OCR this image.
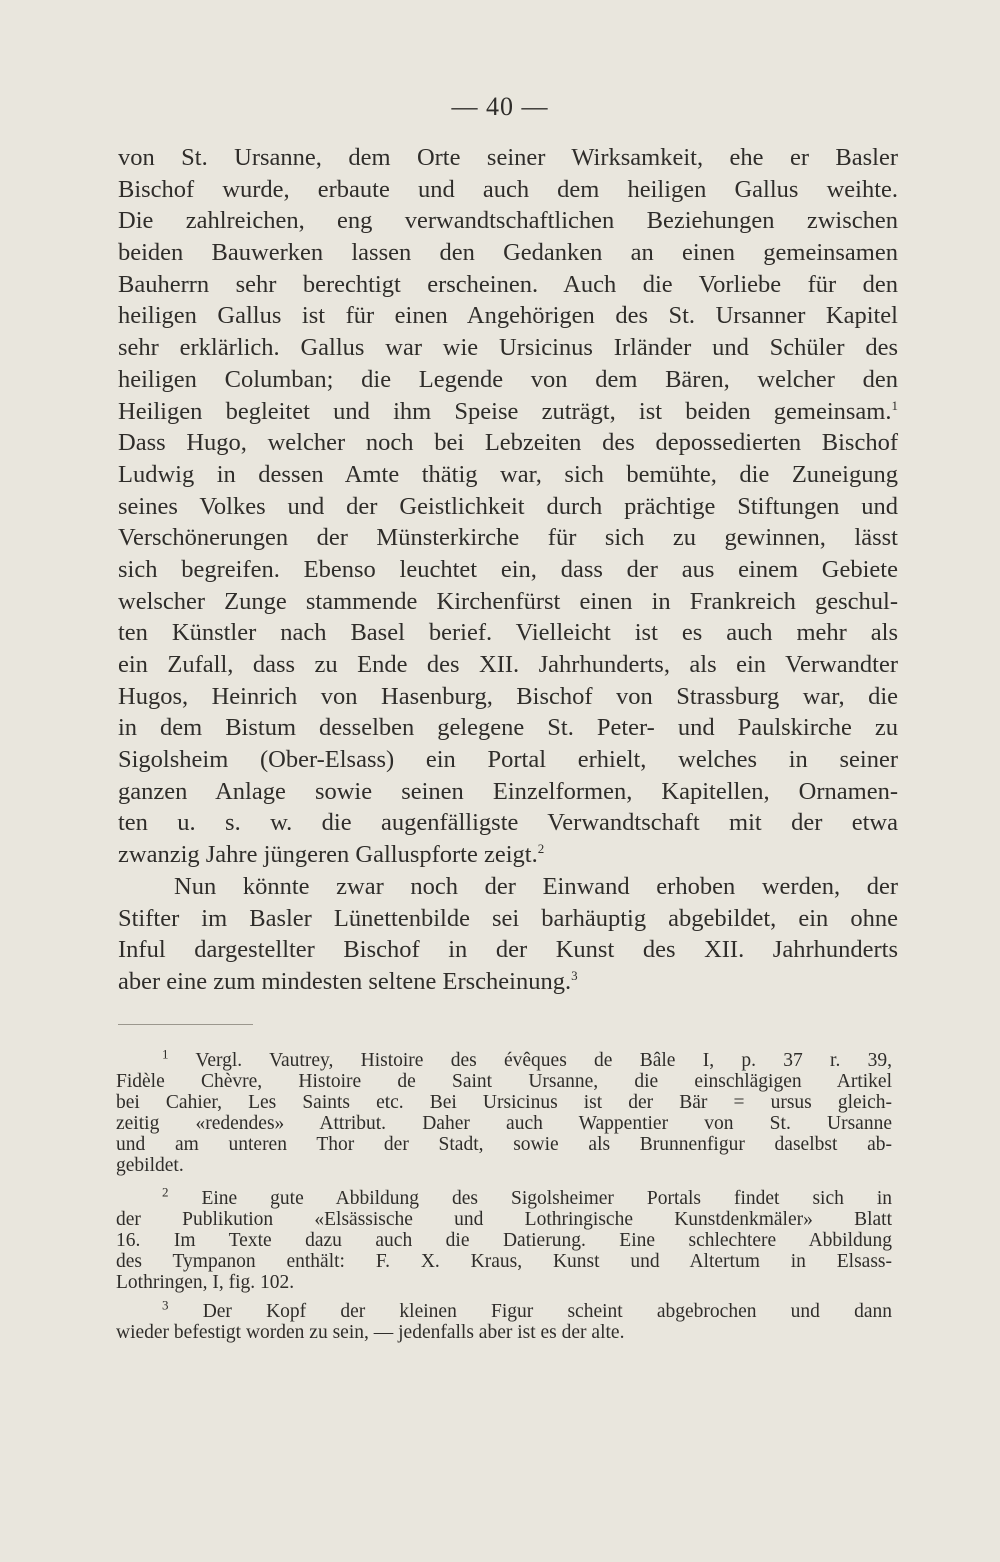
— 40 —
von St. Ursanne, dem Orte seiner Wirksamkeit, ehe er Basler
Bischof wurde, erbaute und auch dem heiligen Gallus weihte.
Die zahlreichen, eng verwandtschaftlichen Beziehungen zwischen
beiden Bauwerken lassen den Gedanken an einen gemeinsamen
Bauherrn sehr berechtigt erscheinen. Auch die Vorliebe für den
heiligen Gallus ist für einen Angehörigen des St. Ursanner Kapitel
sehr erklärlich. Gallus war wie Ursicinus Irländer und Schüler des
heiligen Columban; die Legende von dem Bären, welcher den
Heiligen begleitet und ihm Speise zuträgt, ist beiden gemeinsam.$^1$
Dass Hugo, welcher noch bei Lebzeiten des depossedierten Bischof
Ludwig in dessen Amte thätig war, sich bemühte, die Zuneigung
seines Volkes und der Geistlichkeit durch prächtige Stiftungen und
Verschönerungen der Münsterkirche für sich zu gewinnen, lässt
sich begreifen. Ebenso leuchtet ein, dass der aus einem Gebiete
welscher Zunge stammende Kirchenfürst einen in Frankreich geschul-
ten Künstler nach Basel berief. Vielleicht ist es auch mehr als
ein Zufall, dass zu Ende des XII. Jahrhunderts, als ein Verwandter
Hugos, Heinrich von Hasenburg, Bischof von Strassburg war, die
in dem Bistum desselben gelegene St. Peter- und Paulskirche zu
Sigolsheim (Ober-Elsass) ein Portal erhielt, welches in seiner
ganzen Anlage sowie seinen Einzelformen, Kapitellen, Ornamen-
ten u. s. w. die augenfälligste Verwandtschaft mit der etwa
zwanzig Jahre jüngeren Galluspforte zeigt.$^2$
Nun könnte zwar noch der Einwand erhoben werden, der
Stifter im Basler Lünettenbilde sei barhäuptig abgebildet, ein ohne
Inful dargestellter Bischof in der Kunst des XII. Jahrhunderts
aber eine zum mindesten seltene Erscheinung.$^3$
$^1$ Vergl. Vautrey, Histoire des évêques de Bâle I, p. 37 r. 39,
Fidèle Chèvre, Histoire de Saint Ursanne, die einschlägigen Artikel
bei Cahier, Les Saints etc. Bei Ursicinus ist der Bär = ursus gleich-
zeitig «redendes» Attribut. Daher auch Wappentier von St. Ursanne
und am unteren Thor der Stadt, sowie als Brunnenfigur daselbst ab-
gebildet.
$^2$ Eine gute Abbildung des Sigolsheimer Portals findet sich in
der Publikution «Elsässische und Lothringische Kunstdenkmäler» Blatt
16. Im Texte dazu auch die Datierung. Eine schlechtere Abbildung
des Tympanon enthält: F. X. Kraus, Kunst und Altertum in Elsass-
Lothringen, I, fig. 102.
$^3$ Der Kopf der kleinen Figur scheint abgebrochen und dann
wieder befestigt worden zu sein, — jedenfalls aber ist es der alte.
